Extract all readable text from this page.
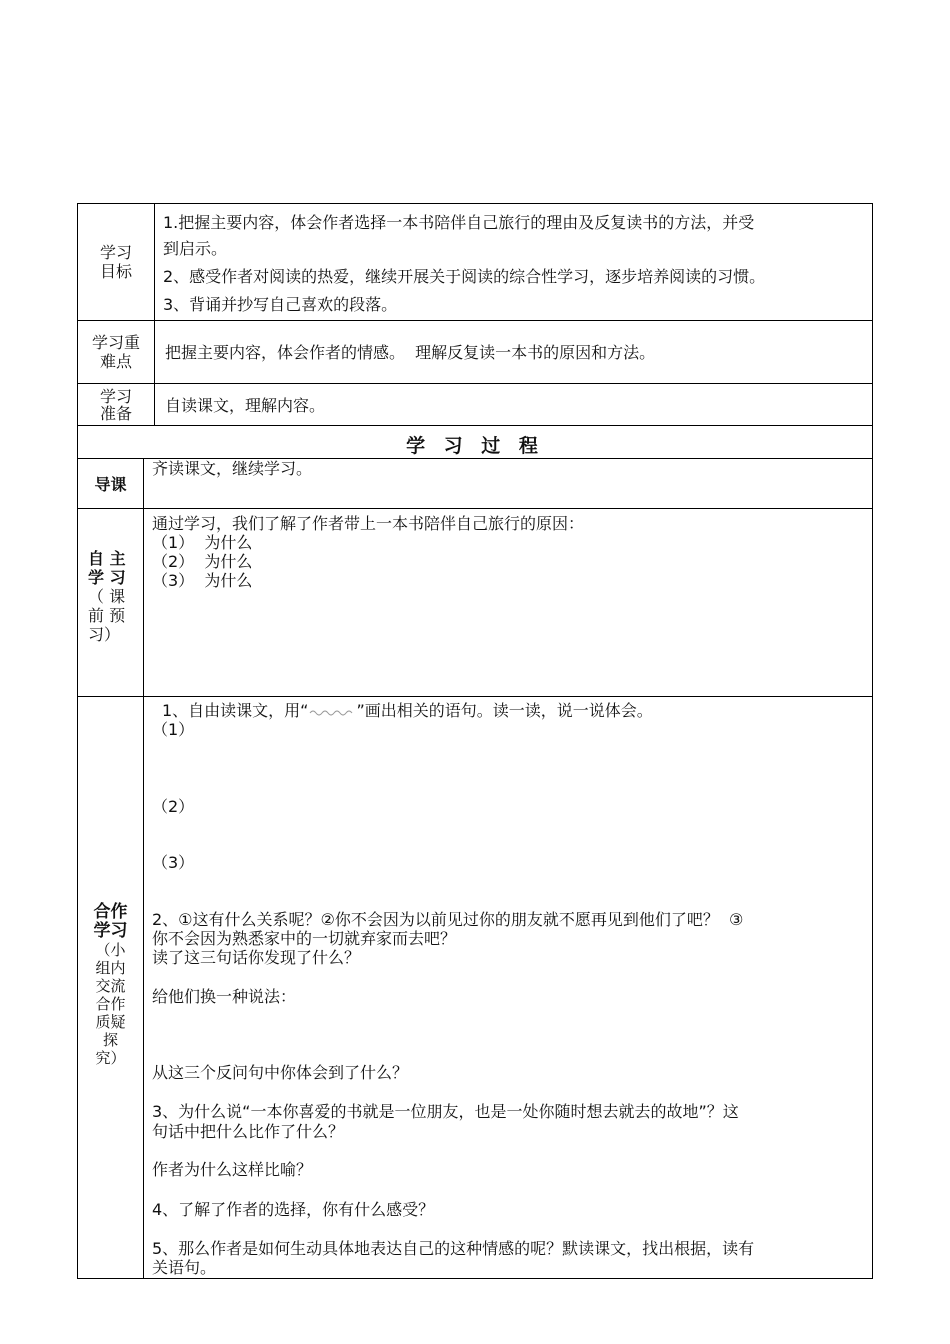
学习目标
1.把握主要内容，体会作者选择一本书陪伴自己旅行的理由及反复读书的方法，并受
到启示。
2、感受作者对阅读的热爱，继续开展关于阅读的综合性学习，逐步培养阅读的习惯。
3、背诵并抄写自己喜欢的段落。
学习重
难点 把握主要内容，体会作者的情感。  理解反复读一本书的原因和方法。
学习
准备 自读课文，理解内容。
学 习 过 程
导课
齐读课文，继续学习。
自 主
学 习
（ 课
前 预
习）
通过学习，我们了解了作者带上一本书陪伴自己旅行的原因：
（1）  为什么
（2）  为什么
（3）  为什么
合作
学习
（小
组内
交流
合作
质疑
探
究）
1、自由读课文，用“	”画出相关的语句。读一读，说一说体会。
（1）
（2）
（3）
2、①这有什么关系呢？②你不会因为以前见过你的朋友就不愿再见到他们了吧？  ③
你不会因为熟悉家中的一切就弃家而去吧？
读了这三句话你发现了什么？
给他们换一种说法：
从这三个反问句中你体会到了什么？
3、为什么说“一本你喜爱的书就是一位朋友，也是一处你随时想去就去的故地”？这
句话中把什么比作了什么？
作者为什么这样比喻？
4、了解了作者的选择，你有什么感受？
5、那么作者是如何生动具体地表达自己的这种情感的呢？默读课文，找出根据，读有
关语句。
